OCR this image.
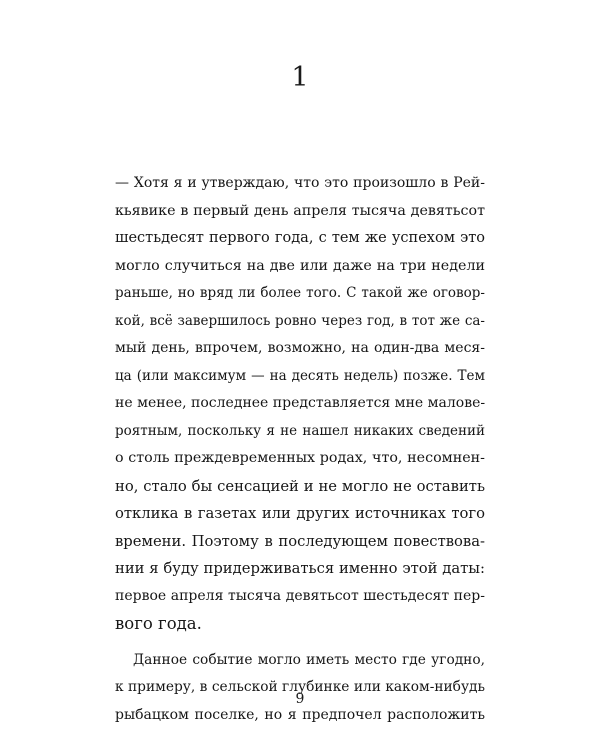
1
— Хотя я и утверждаю, что это произошло в Рей-
кьявике в первый день апреля тысяча девятьсот
шестьдесят первого года, с тем же успехом это
могло случиться на две или даже на три недели
раньше, но вряд ли более того. С такой же оговор-
кой, всё завершилось ровно через год, в тот же са-
мый день, впрочем, возможно, на один-два меся-
ца (или максимум — на десять недель) позже. Тем
не менее, последнее представляется мне малове-
роятным, поскольку я не нашел никаких сведений
о столь преждевременных родах, что, несомнен-
но, стало бы сенсацией и не могло не оставить
отклика в газетах или других источниках того
времени. Поэтому в последующем повествова-
нии я буду придерживаться именно этой даты:
первое апреля тысяча девятьсот шестьдесят пер-
вого года.
Данное событие могло иметь место где угодно,
к примеру, в сельской глубинке или каком-нибудь
рыбацком поселке, но я предпочел расположить
9
